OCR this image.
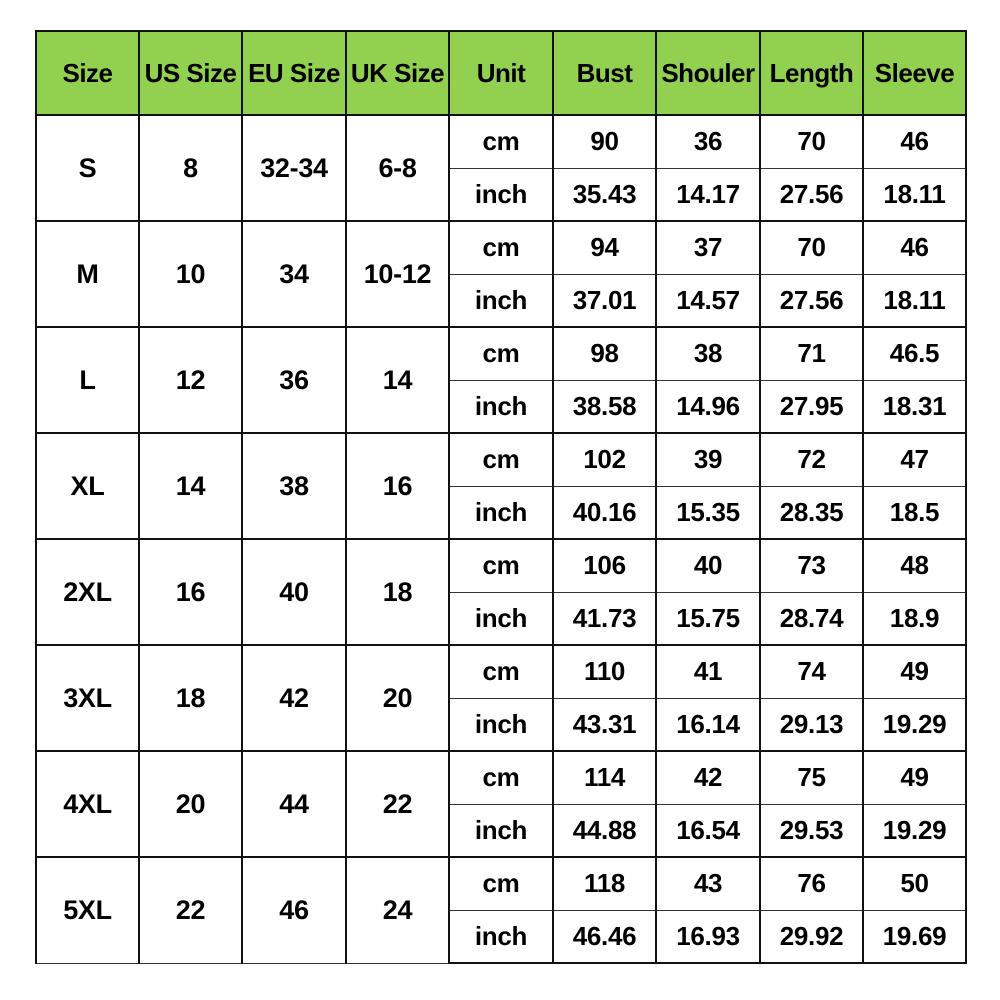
Size	US Size	EU Size	UK Size	Unit	Bust	Shouler	Length	Sleeve
S	8	32-34	6-8	cm	90	36	70	46
				inch	35.43	14.17	27.56	18.11
M	10	34	10-12	cm	94	37	70	46
				inch	37.01	14.57	27.56	18.11
L	12	36	14	cm	98	38	71	46.5
				inch	38.58	14.96	27.95	18.31
XL	14	38	16	cm	102	39	72	47
				inch	40.16	15.35	28.35	18.5
2XL	16	40	18	cm	106	40	73	48
				inch	41.73	15.75	28.74	18.9
3XL	18	42	20	cm	110	41	74	49
				inch	43.31	16.14	29.13	19.29
4XL	20	44	22	cm	114	42	75	49
				inch	44.88	16.54	29.53	19.29
5XL	22	46	24	cm	118	43	76	50
				inch	46.46	16.93	29.92	19.69
